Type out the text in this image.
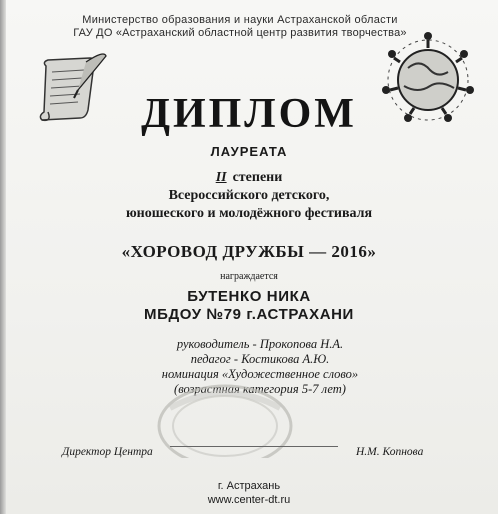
Министерство образования и науки Астраханской области
ГАУ ДО «Астраханский областной центр развития творчества»
ДИПЛОМ
ЛАУРЕАТА
II степени
Всероссийского детского,
юношеского и молодёжного фестиваля
«ХОРОВОД ДРУЖБЫ — 2016»
награждается
БУТЕНКО НИКА
МБДОУ №79 г.АСТРАХАНИ
руководитель - Прокопова Н.А.
педагог - Костикова А.Ю.
номинация «Художественное слово»
(возрастная категория 5-7 лет)
Директор Центра	Н.М. Копнова
г. Астрахань
www.center-dt.ru
